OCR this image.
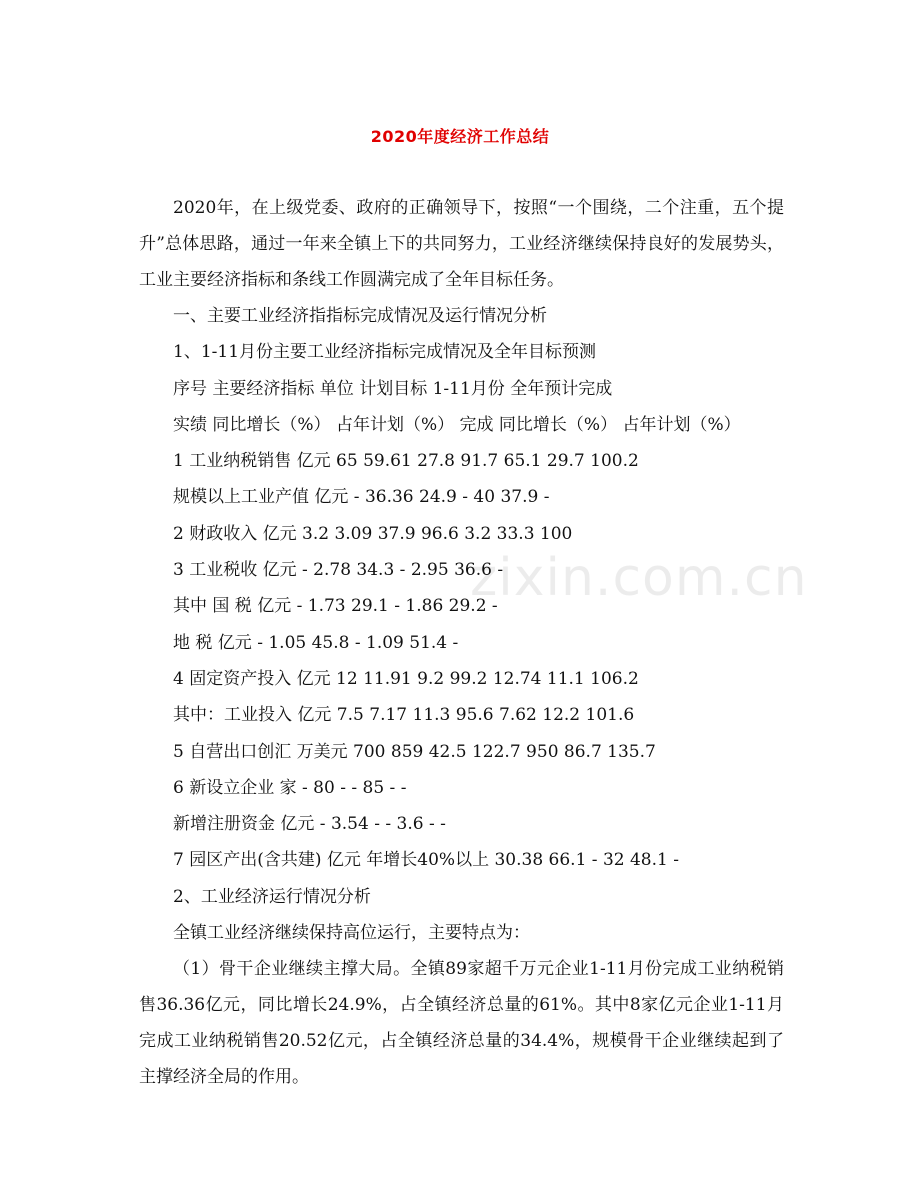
2020年度经济工作总结

2020年，在上级党委、政府的正确领导下，按照“一个围绕，二个注重，五个提升”总体思路，通过一年来全镇上下的共同努力，工业经济继续保持良好的发展势头，工业主要经济指标和条线工作圆满完成了全年目标任务。

一、主要工业经济指指标完成情况及运行情况分析

1、1-11月份主要工业经济指标完成情况及全年目标预测

序号 主要经济指标 单位 计划目标 1-11月份 全年预计完成

实绩 同比增长（%） 占年计划（%） 完成 同比增长（%） 占年计划（%）

1 工业纳税销售 亿元 65 59.61 27.8 91.7 65.1 29.7 100.2

规模以上工业产值 亿元 - 36.36 24.9 - 40 37.9 -

2 财政收入 亿元 3.2 3.09 37.9 96.6 3.2 33.3 100

3 工业税收 亿元 - 2.78 34.3 - 2.95 36.6 -

其中 国 税 亿元 - 1.73 29.1 - 1.86 29.2 -

地 税 亿元 - 1.05 45.8 - 1.09 51.4 -

4 固定资产投入 亿元 12 11.91 9.2 99.2 12.74 11.1 106.2

其中：工业投入 亿元 7.5 7.17 11.3 95.6 7.62 12.2 101.6

5 自营出口创汇 万美元 700 859 42.5 122.7 950 86.7 135.7

6 新设立企业 家 - 80 - - 85 - -

新增注册资金 亿元 - 3.54 - - 3.6 - -

7 园区产出(含共建) 亿元 年增长40%以上 30.38 66.1 - 32 48.1 -

2、工业经济运行情况分析

全镇工业经济继续保持高位运行，主要特点为：

（1）骨干企业继续主撑大局。全镇89家超千万元企业1-11月份完成工业纳税销售36.36亿元，同比增长24.9%，占全镇经济总量的61%。其中8家亿元企业1-11月完成工业纳税销售20.52亿元，占全镇经济总量的34.4%，规模骨干企业继续起到了主撑经济全局的作用。

zixin.com.cn
